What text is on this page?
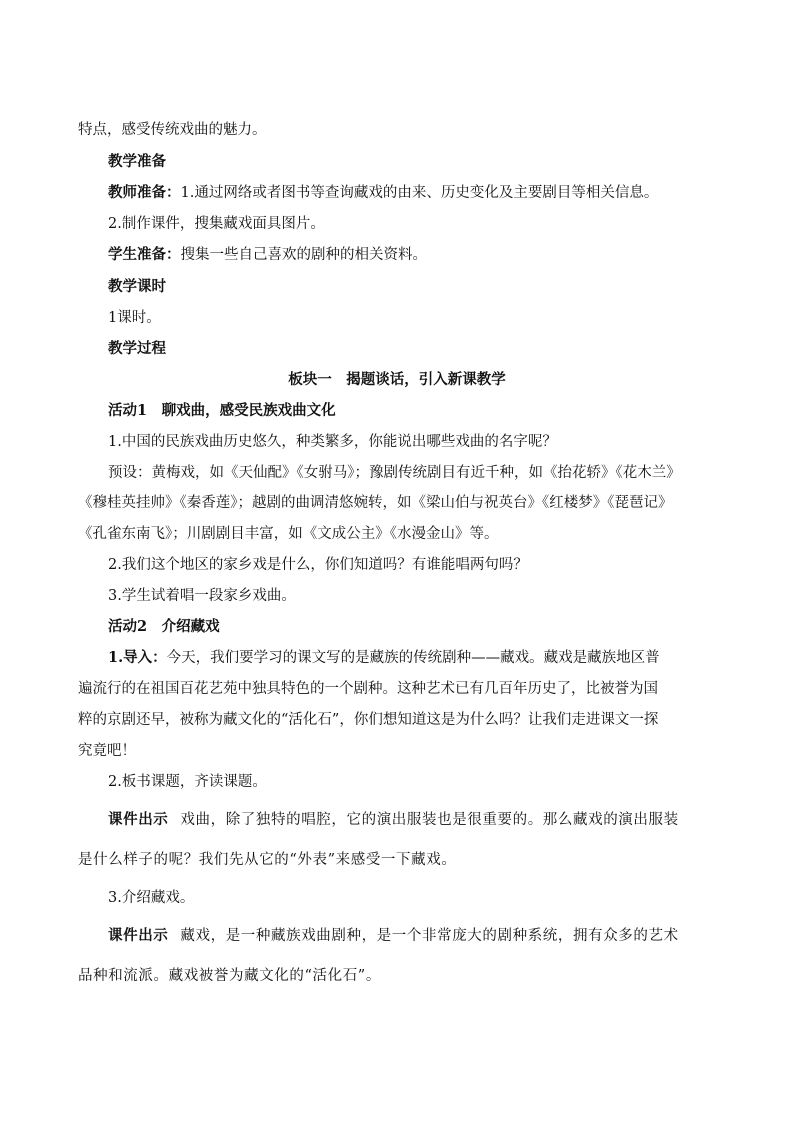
特点，感受传统戏曲的魅力。
教学准备
教师准备：1.通过网络或者图书等查询藏戏的由来、历史变化及主要剧目等相关信息。
2.制作课件，搜集藏戏面具图片。
学生准备：搜集一些自己喜欢的剧种的相关资料。
教学课时
1课时。
教学过程
板块一　揭题谈话，引入新课教学
活动1　聊戏曲，感受民族戏曲文化
1.中国的民族戏曲历史悠久，种类繁多，你能说出哪些戏曲的名字呢？
预设：黄梅戏，如《天仙配》《女驸马》；豫剧传统剧目有近千种，如《抬花轿》《花木兰》
《穆桂英挂帅》《秦香莲》；越剧的曲调清悠婉转，如《梁山伯与祝英台》《红楼梦》《琵琶记》
《孔雀东南飞》；川剧剧目丰富，如《文成公主》《水漫金山》等。
2.我们这个地区的家乡戏是什么，你们知道吗？有谁能唱两句吗？
3.学生试着唱一段家乡戏曲。
活动2　介绍藏戏
1.导入：今天，我们要学习的课文写的是藏族的传统剧种——藏戏。藏戏是藏族地区普
遍流行的在祖国百花艺苑中独具特色的一个剧种。这种艺术已有几百年历史了，比被誉为国
粹的京剧还早，被称为藏文化的“活化石”，你们想知道这是为什么吗？让我们走进课文一探
究竟吧！
2.板书课题，齐读课题。
课件出示 戏曲，除了独特的唱腔，它的演出服装也是很重要的。那么藏戏的演出服装
是什么样子的呢？我们先从它的“外表”来感受一下藏戏。
3.介绍藏戏。
课件出示 藏戏，是一种藏族戏曲剧种，是一个非常庞大的剧种系统，拥有众多的艺术
品种和流派。藏戏被誉为藏文化的“活化石”。
